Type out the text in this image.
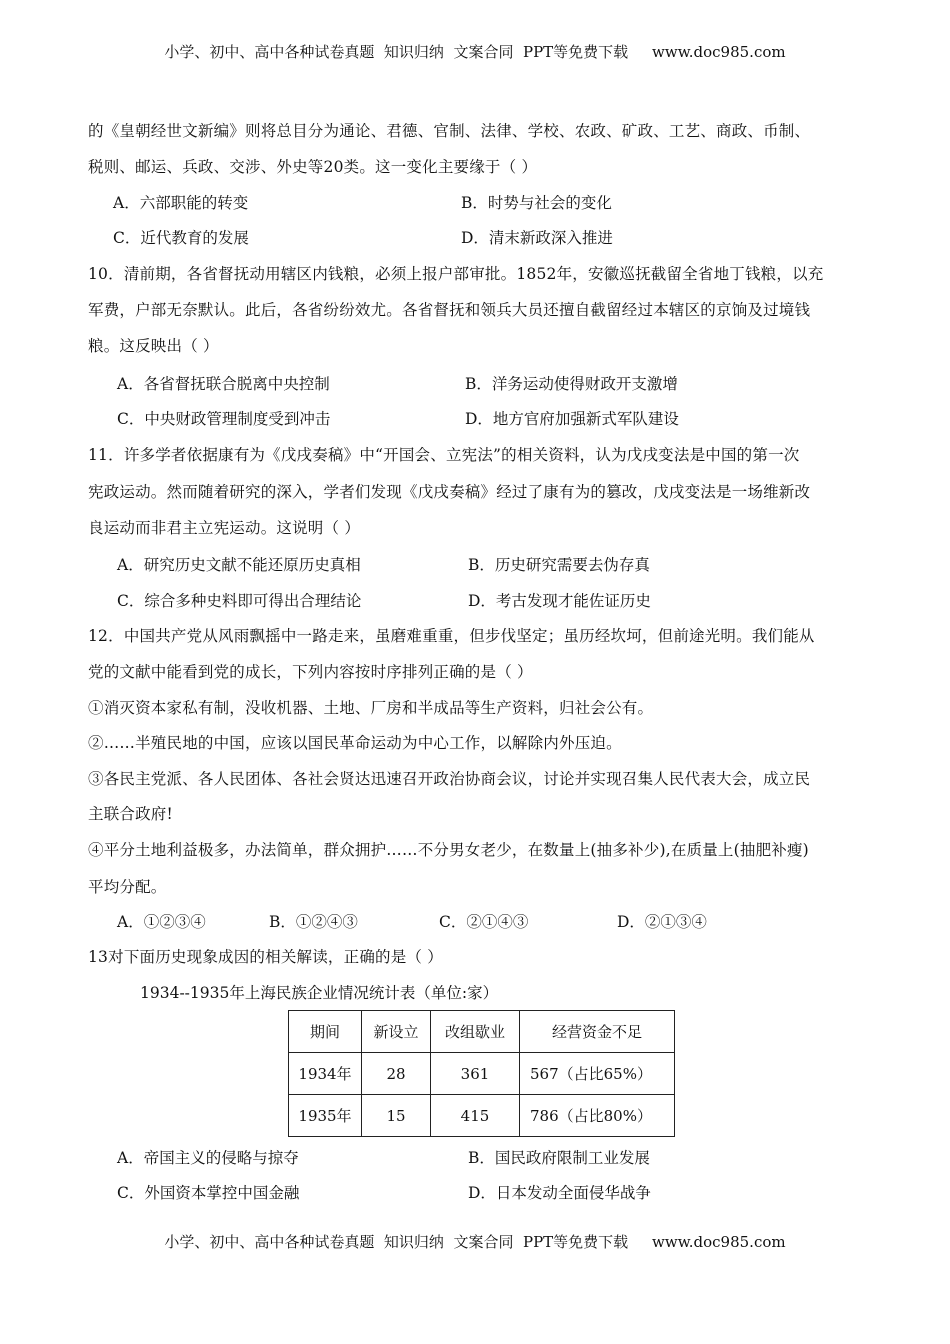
小学、初中、高中各种试卷真题  知识归纳  文案合同  PPT等免费下载     www.doc985.com
的《皇朝经世文新编》则将总目分为通论、君德、官制、法律、学校、农政、矿政、工艺、商政、币制、
税则、邮运、兵政、交涉、外史等20类。这一变化主要缘于（ ）
A．六部职能的转变	B．时势与社会的变化
C．近代教育的发展	D．清末新政深入推进
10．清前期，各省督抚动用辖区内钱粮，必须上报户部审批。1852年，安徽巡抚截留全省地丁钱粮，以充
军费，户部无奈默认。此后，各省纷纷效尤。各省督抚和领兵大员还擅自截留经过本辖区的京饷及过境钱
粮。这反映出（ ）
A．各省督抚联合脱离中央控制	B．洋务运动使得财政开支激增
C．中央财政管理制度受到冲击	D．地方官府加强新式军队建设
11．许多学者依据康有为《戊戌奏稿》中“开国会、立宪法”的相关资料，认为戊戌变法是中国的第一次
宪政运动。然而随着研究的深入，学者们发现《戊戌奏稿》经过了康有为的篡改，戊戌变法是一场维新改
良运动而非君主立宪运动。这说明（ ）
A．研究历史文献不能还原历史真相	B．历史研究需要去伪存真
C．综合多种史料即可得出合理结论	D．考古发现才能佐证历史
12．中国共产党从风雨飘摇中一路走来，虽磨难重重，但步伐坚定；虽历经坎坷，但前途光明。我们能从
党的文献中能看到党的成长，下列内容按时序排列正确的是（ ）
①消灭资本家私有制，没收机器、土地、厂房和半成品等生产资料，归社会公有。
②……半殖民地的中国，应该以国民革命运动为中心工作，以解除内外压迫。
③各民主党派、各人民团体、各社会贤达迅速召开政治协商会议，讨论并实现召集人民代表大会，成立民
主联合政府!
④平分土地利益极多，办法简单，群众拥护……不分男女老少，在数量上(抽多补少),在质量上(抽肥补瘦)
平均分配。
A．①②③④	B．①②④③	C．②①④③	D．②①③④
13对下面历史现象成因的相关解读，正确的是（ ）
1934--1935年上海民族企业情况统计表（单位:家）
期间	新设立	改组歇业	经营资金不足
1934年	28	361	567（占比65%）
1935年	15	415	786（占比80%）
A．帝国主义的侵略与掠夺	B．国民政府限制工业发展
C．外国资本掌控中国金融	D．日本发动全面侵华战争
小学、初中、高中各种试卷真题  知识归纳  文案合同  PPT等免费下载     www.doc985.com
